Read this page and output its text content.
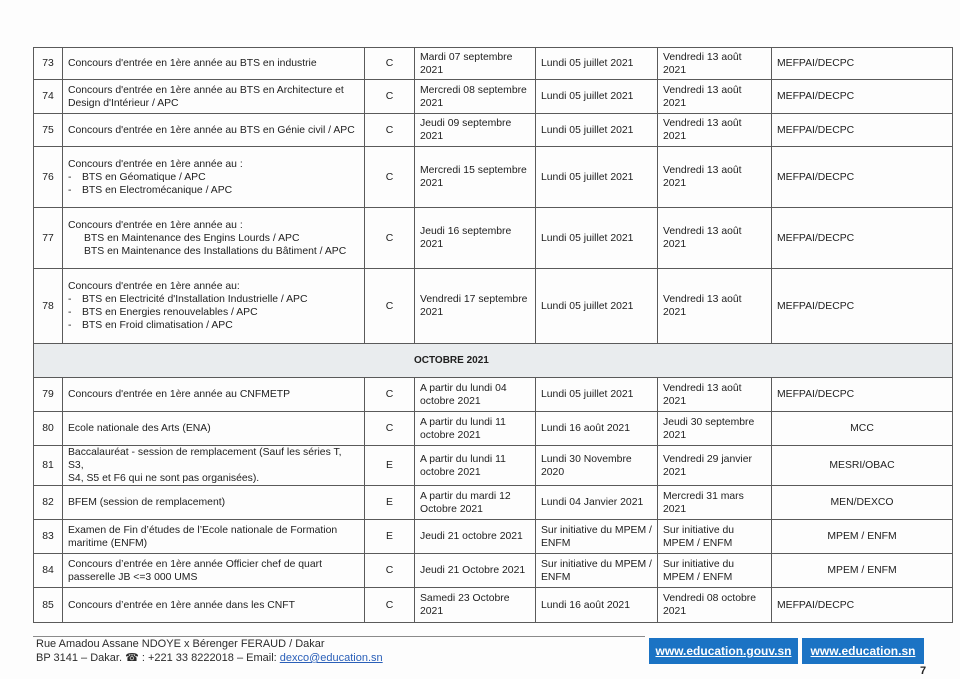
73	Concours d'entrée en 1ère année au BTS en industrie	C	Mardi 07 septembre 2021	Lundi 05 juillet 2021	Vendredi 13 août 2021	MEFPAI/DECPC
74	Concours d'entrée en 1ère année au BTS en Architecture et
Design d'Intérieur / APC	C	Mercredi 08 septembre 2021	Lundi 05 juillet 2021	Vendredi 13 août 2021	MEFPAI/DECPC
75	Concours d'entrée en 1ère année au BTS en Génie civil / APC	C	Jeudi 09 septembre 2021	Lundi 05 juillet 2021	Vendredi 13 août 2021	MEFPAI/DECPC
76	Concours d'entrée en 1ère année au :
- BTS en Géomatique / APC
- BTS en Electromécanique / APC	C	Mercredi 15 septembre 2021	Lundi 05 juillet 2021	Vendredi 13 août 2021	MEFPAI/DECPC
77	Concours d'entrée en 1ère année au :
BTS en Maintenance des Engins Lourds / APC
BTS en Maintenance des Installations du Bâtiment / APC	C	Jeudi 16 septembre 2021	Lundi 05 juillet 2021	Vendredi 13 août 2021	MEFPAI/DECPC
78	Concours d'entrée en 1ère année au:
- BTS en Electricité d'Installation Industrielle / APC
- BTS en Energies renouvelables / APC
- BTS en Froid climatisation / APC	C	Vendredi 17 septembre 2021	Lundi 05 juillet 2021	Vendredi 13 août 2021	MEFPAI/DECPC
OCTOBRE 2021						
79	Concours d'entrée en 1ère année au CNFMETP	C	A partir du lundi 04 octobre 2021	Lundi 05 juillet 2021	Vendredi 13 août 2021	MEFPAI/DECPC
80	Ecole nationale des Arts (ENA)	C	A partir du lundi 11 octobre 2021	Lundi 16 août 2021	Jeudi 30 septembre 2021	MCC
81	Baccalauréat - session de remplacement (Sauf les séries T, S3,
S4, S5 et F6 qui ne sont pas organisées).	E	A partir du lundi 11 octobre 2021	Lundi 30 Novembre 2020	Vendredi 29 janvier 2021	MESRI/OBAC
82	BFEM (session de remplacement)	E	A partir du mardi 12 Octobre 2021	Lundi 04 Janvier 2021	Mercredi 31 mars 2021	MEN/DEXCO
83	Examen de Fin d’études de l’Ecole nationale de Formation
maritime (ENFM)	E	Jeudi 21 octobre 2021	Sur initiative du MPEM / ENFM	Sur initiative du MPEM / ENFM	MPEM / ENFM
84	Concours d’entrée en 1ère année Officier chef de quart
passerelle JB <=3 000 UMS	C	Jeudi 21 Octobre 2021	Sur initiative du MPEM / ENFM	Sur initiative du MPEM / ENFM	MPEM / ENFM
85	Concours d’entrée en 1ère année dans les CNFT	C	Samedi 23 Octobre 2021	Lundi 16 août 2021	Vendredi 08 octobre 2021	MEFPAI/DECPC
Rue Amadou Assane NDOYE x Bérenger FERAUD / Dakar
BP 3141 – Dakar. ☎ : +221 33 8222018 – Email: dexco@education.sn	www.education.gouv.sn	www.education.sn
7
